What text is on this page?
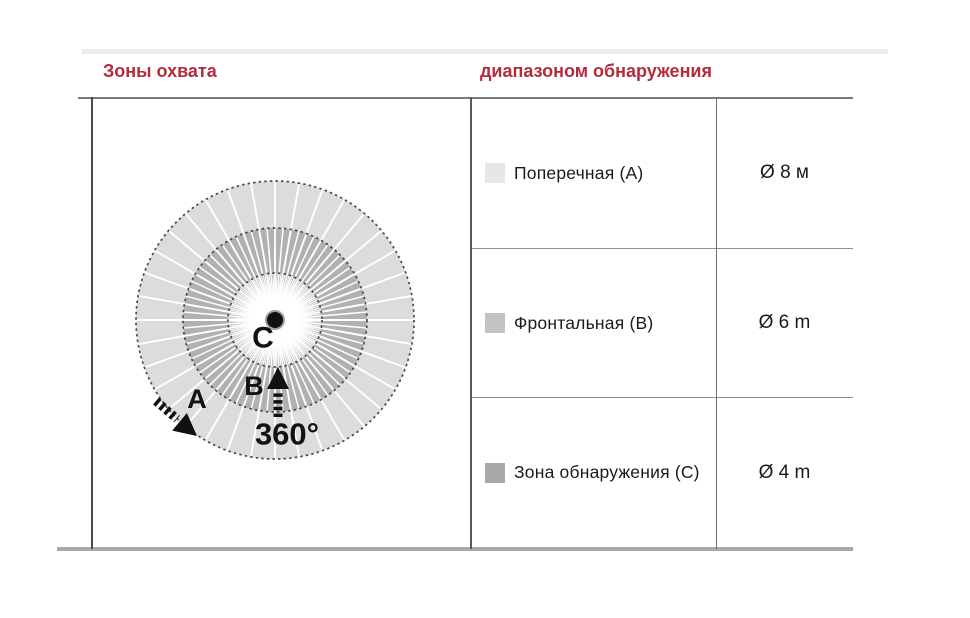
Зоны охвата	диапазоном обнаружения
C
B
A
360°
Поперечная (А)	Ø 8 м
Фронтальная (В)	Ø 6 m
Зона обнаружения (С)	Ø 4 m
